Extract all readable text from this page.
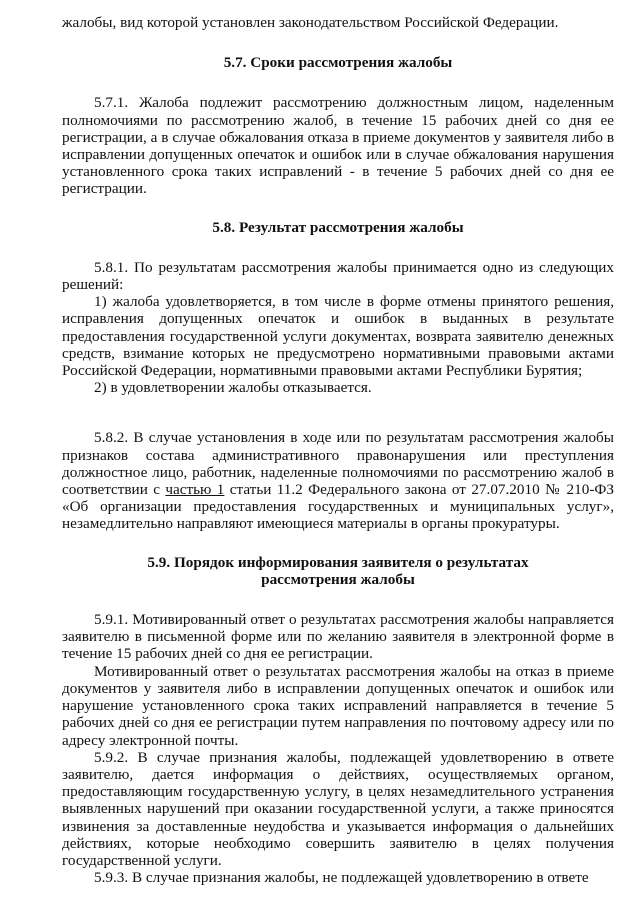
жалобы, вид которой установлен законодательством Российской Федерации.

5.7. Сроки рассмотрения жалобы

5.7.1. Жалоба подлежит рассмотрению должностным лицом, наделенным полномочиями по рассмотрению жалоб, в течение 15 рабочих дней со дня ее регистрации, а в случае обжалования отказа в приеме документов у заявителя либо в исправлении допущенных опечаток и ошибок или в случае обжалования нарушения установленного срока таких исправлений - в течение 5 рабочих дней со дня ее регистрации.

5.8. Результат рассмотрения жалобы

5.8.1. По результатам рассмотрения жалобы принимается одно из следующих решений:

1) жалоба удовлетворяется, в том числе в форме отмены принятого решения, исправления допущенных опечаток и ошибок в выданных в результате предоставления государственной услуги документах, возврата заявителю денежных средств, взимание которых не предусмотрено нормативными правовыми актами Российской Федерации, нормативными правовыми актами Республики Бурятия;

2) в удовлетворении жалобы отказывается.

5.8.2. В случае установления в ходе или по результатам рассмотрения жалобы признаков состава административного правонарушения или преступления должностное лицо, работник, наделенные полномочиями по рассмотрению жалоб в соответствии с частью 1 статьи 11.2 Федерального закона от 27.07.2010 № 210-ФЗ «Об организации предоставления государственных и муниципальных услуг», незамедлительно направляют имеющиеся материалы в органы прокуратуры.

5.9. Порядок информирования заявителя о результатах
рассмотрения жалобы

5.9.1. Мотивированный ответ о результатах рассмотрения жалобы направляется заявителю в письменной форме или по желанию заявителя в электронной форме в течение 15 рабочих дней со дня ее регистрации.

Мотивированный ответ о результатах рассмотрения жалобы на отказ в приеме документов у заявителя либо в исправлении допущенных опечаток и ошибок или нарушение установленного срока таких исправлений направляется в течение 5 рабочих дней со дня ее регистрации путем направления по почтовому адресу или по адресу электронной почты.

5.9.2. В случае признания жалобы, подлежащей удовлетворению в ответе заявителю, дается информация о действиях, осуществляемых органом, предоставляющим государственную услугу, в целях незамедлительного устранения выявленных нарушений при оказании государственной услуги, а также приносятся извинения за доставленные неудобства и указывается информация о дальнейших действиях, которые необходимо совершить заявителю в целях получения государственной услуги.

5.9.3. В случае признания жалобы, не подлежащей удовлетворению в ответе
